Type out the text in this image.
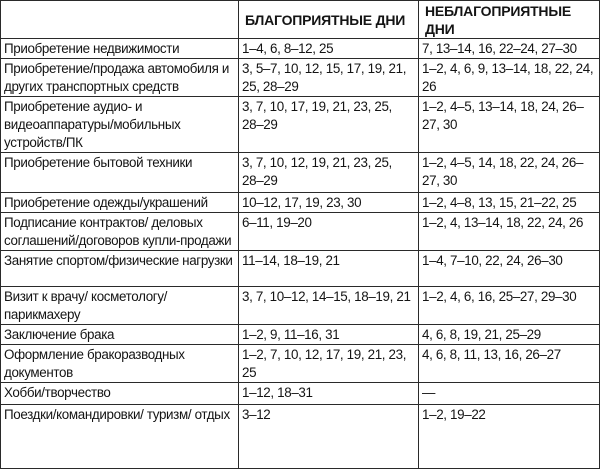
	БЛАГОПРИЯТНЫЕ ДНИ	НЕБЛАГОПРИЯТНЫЕ ДНИ
Приобретение недвижимости	1–4, 6, 8–12, 25	7, 13–14, 16, 22–24, 27–30
Приобретение/продажа автомобиля и других транспортных средств	3, 5–7, 10, 12, 15, 17, 19, 21, 25, 28–29	1–2, 4, 6, 9, 13–14, 18, 22, 24, 26
Приобретение аудио- и видеоаппаратуры/мобильных устройств/ПК	3, 7, 10, 17, 19, 21, 23, 25, 28–29	1–2, 4–5, 13–14, 18, 24, 26–27, 30
Приобретение бытовой техники	3, 7, 10, 12, 19, 21, 23, 25, 28–29	1–2, 4–5, 14, 18, 22, 24, 26–27, 30
Приобретение одежды/украшений	10–12, 17, 19, 23, 30	1–2, 4–8, 13, 15, 21–22, 25
Подписание контрактов/ деловых соглашений/договоров купли-продажи	6–11, 19–20	1–2, 4, 13–14, 18, 22, 24, 26
Занятие спортом/физические нагрузки	11–14, 18–19, 21	1–4, 7–10, 22, 24, 26–30
Визит к врачу/ косметологу/ парикмахеру	3, 7, 10–12, 14–15, 18–19, 21	1–2, 4, 6, 16, 25–27, 29–30
Заключение брака	1–2, 9, 11–16, 31	4, 6, 8, 19, 21, 25–29
Оформление бракоразводных документов	1–2, 7, 10, 12, 17, 19, 21, 23, 25	4, 6, 8, 11, 13, 16, 26–27
Хобби/творчество	1–12, 18–31	—
Поездки/командировки/ туризм/ отдых	3–12	1–2, 19–22
